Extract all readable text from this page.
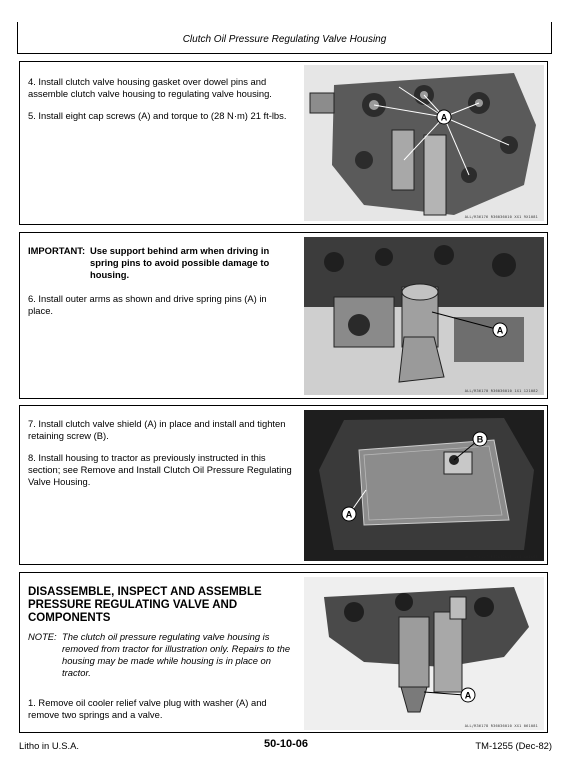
Clutch Oil Pressure Regulating Valve Housing

4. Install clutch valve housing gasket over dowel pins and assemble clutch valve housing to regulating valve housing.

5. Install eight cap screws (A) and torque to (28 N·m) 21 ft-lbs.	A
ALL/R36176 R36036010 XX1 9X1081
IMPORTANT: Use support behind arm when driving in spring pins to avoid possible damage to housing.

6. Install outer arms as shown and drive spring pins (A) in place.

A
ALL/R36170 R36036010 1X1 121082

7. Install clutch valve shield (A) in place and install and tighten retaining screw (B).

8. Install housing to tractor as previously instructed in this section; see Remove and Install Clutch Oil Pressure Regulating Valve Housing.

B
A
ALL/R36177 R36036010 1X1 061081
DISASSEMBLE, INSPECT AND ASSEMBLE PRESSURE REGULATING VALVE AND COMPONENTS
NOTE: The clutch oil pressure regulating valve housing is removed from tractor for illustration only. Repairs to the housing may be made while housing is in place on tractor.

1. Remove oil cooler relief valve plug with washer (A) and remove two springs and a valve.

A
ALL/R36178 R36036010 XX1 061081
Litho in U.S.A.	50-10-06	TM-1255 (Dec-82)
